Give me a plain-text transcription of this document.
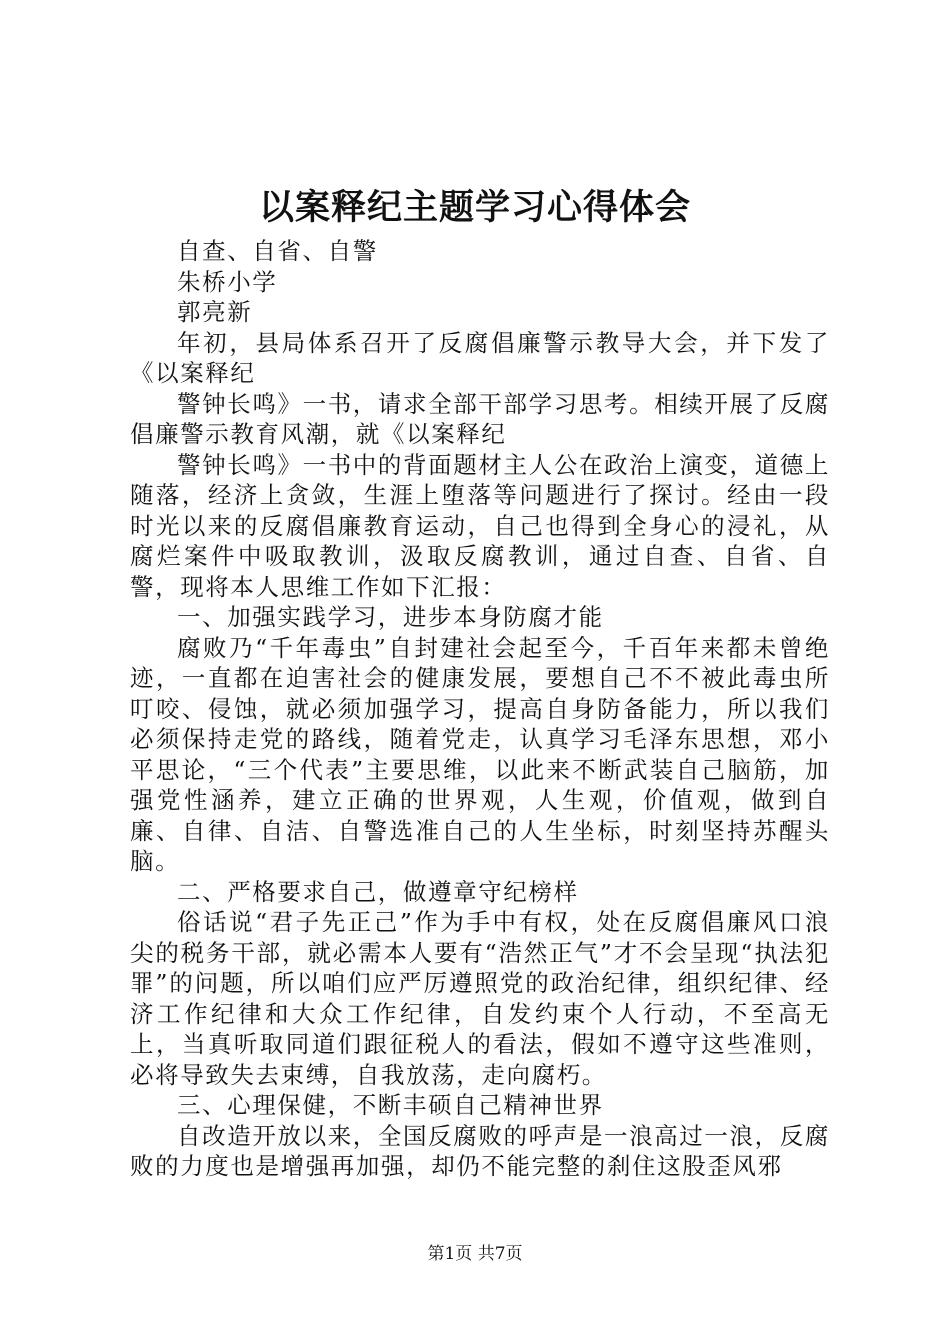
以案释纪主题学习心得体会

自查、自省、自警

朱桥小学

郭亮新

年初，县局体系召开了反腐倡廉警示教导大会，并下发了《以案释纪

警钟长鸣》一书，请求全部干部学习思考。相续开展了反腐倡廉警示教育风潮，就《以案释纪

警钟长鸣》一书中的背面题材主人公在政治上演变，道德上随落，经济上贪敛，生涯上堕落等问题进行了探讨。经由一段时光以来的反腐倡廉教育运动，自己也得到全身心的浸礼，从腐烂案件中吸取教训，汲取反腐教训，通过自查、自省、自警，现将本人思维工作如下汇报：

一、加强实践学习，进步本身防腐才能

腐败乃“千年毒虫”自封建社会起至今，千百年来都未曾绝迹，一直都在迫害社会的健康发展，要想自己不不被此毒虫所叮咬、侵蚀，就必须加强学习，提高自身防备能力，所以我们必须保持走党的路线，随着党走，认真学习毛泽东思想，邓小平思论，“三个代表”主要思维，以此来不断武装自己脑筋，加强党性涵养，建立正确的世界观，人生观，价值观，做到自廉、自律、自洁、自警选准自己的人生坐标，时刻坚持苏醒头脑。

二、严格要求自己，做遵章守纪榜样

俗话说“君子先正己”作为手中有权，处在反腐倡廉风口浪尖的税务干部，就必需本人要有“浩然正气”才不会呈现“执法犯罪”的问题，所以咱们应严厉遵照党的政治纪律，组织纪律、经济工作纪律和大众工作纪律，自发约束个人行动，不至高无上，当真听取同道们跟征税人的看法，假如不遵守这些准则，必将导致失去束缚，自我放荡，走向腐朽。

三、心理保健，不断丰硕自己精神世界

自改造开放以来，全国反腐败的呼声是一浪高过一浪，反腐败的力度也是增强再加强，却仍不能完整的刹住这股歪风邪

第1页 共7页
